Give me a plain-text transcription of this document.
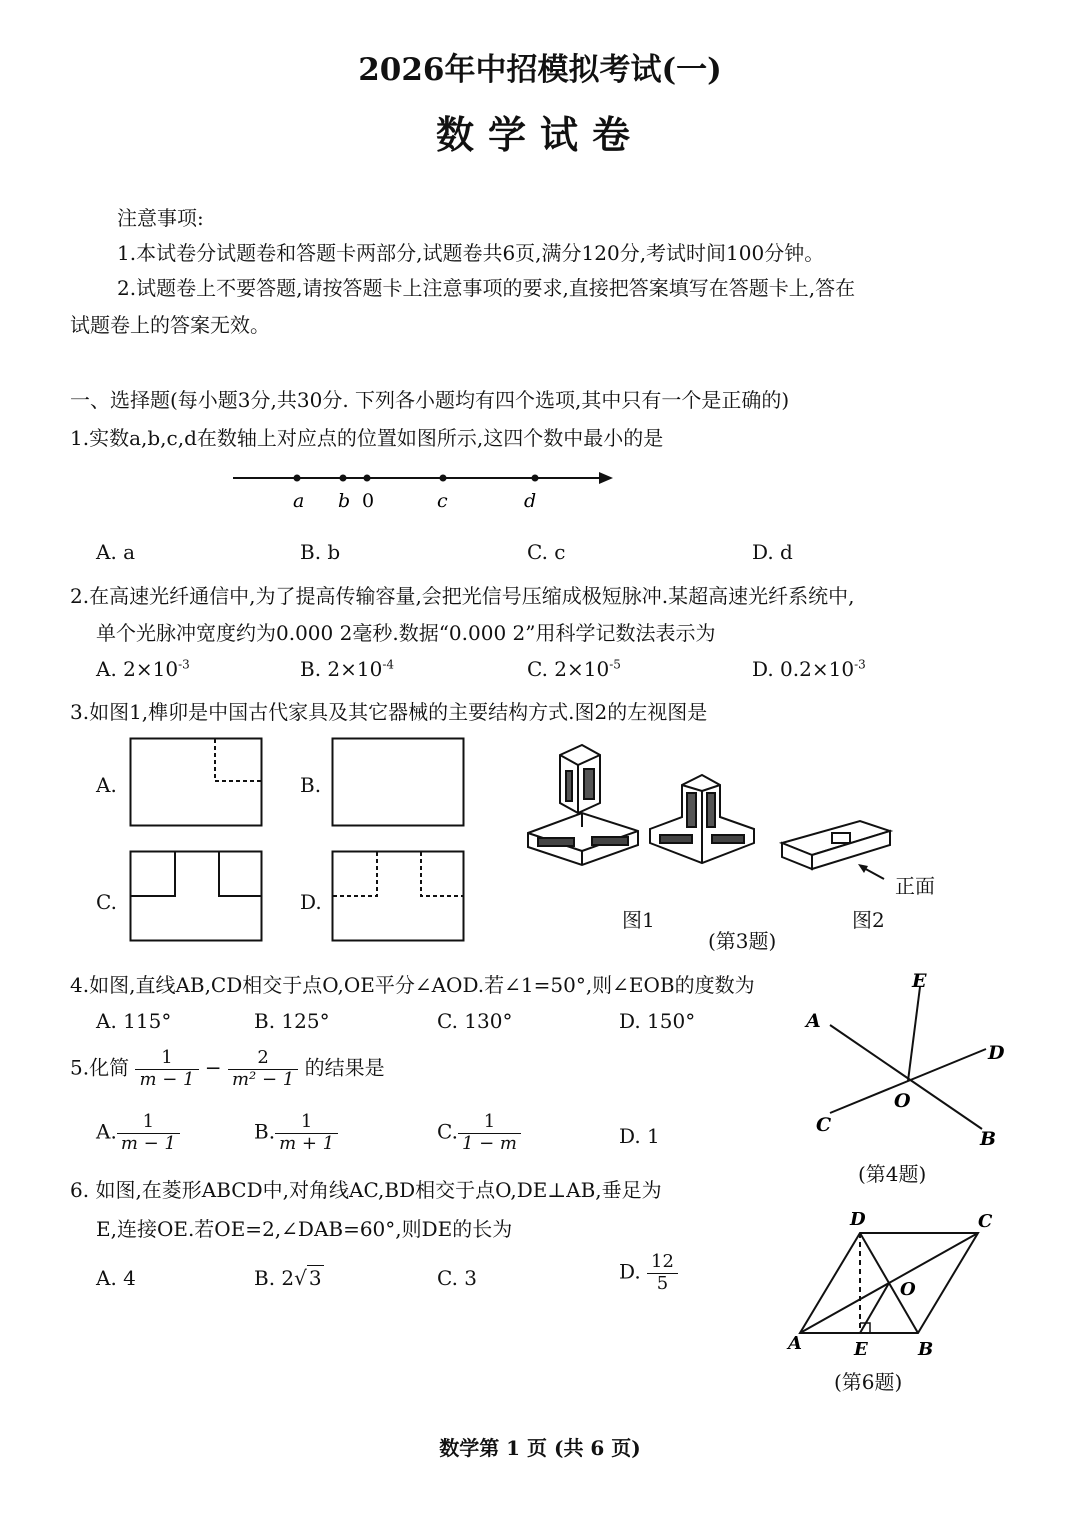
2026年中招模拟考试(一)
数学试卷
注意事项:
1.本试卷分试题卷和答题卡两部分,试题卷共6页,满分120分,考试时间100分钟。
2.试题卷上不要答题,请按答题卡上注意事项的要求,直接把答案填写在答题卡上,答在
试题卷上的答案无效。
一、选择题(每小题3分,共30分. 下列各小题均有四个选项,其中只有一个是正确的)
1.实数a,b,c,d在数轴上对应点的位置如图所示,这四个数中最小的是
a b 0	c	d
A. a	B. b	C. c	D. d
2.在高速光纤通信中,为了提高传输容量,会把光信号压缩成极短脉冲.某超高速光纤系统中,
单个光脉冲宽度约为0.000 2毫秒.数据“0.000 2”用科学记数法表示为
A. $2\times 10^{-3}$	B. $2\times 10^{-4}$	C. $2\times 10^{-5}$	D. $0.2\times 10^{-3}$
3.如图1,榫卯是中国古代家具及其它器械的主要结构方式.图2的左视图是
A.	B.
C.	D.
正面
图1	图2
(第3题)
4.如图,直线AB,CD相交于点O,OE平分∠AOD.若∠1=50°,则∠EOB的度数为
A. 115°	B. 125°	C. 130°	D. 150°
E
A
D
O
C
B
(第4题)
5.化简 $\frac{1}{m - 1} - \frac{2}{\text{m² − 1}}$ 的结果是
A. $\frac{1}{m - 1}$	B. $\frac{1}{m + 1}$	C. $\frac{1}{1 - m}$	D. 1
6. 如图,在菱形ABCD中,对角线AC,BD相交于点O,DE⊥AB,垂足为
E,连接OE.若OE=2,∠DAB=60°,则DE的长为
A. 4	B. 2√ 3	C. 3	D. $\frac{12}{5}$
D	C
O
A	E	B
(第6题)
数学第 1 页 (共 6 页)
